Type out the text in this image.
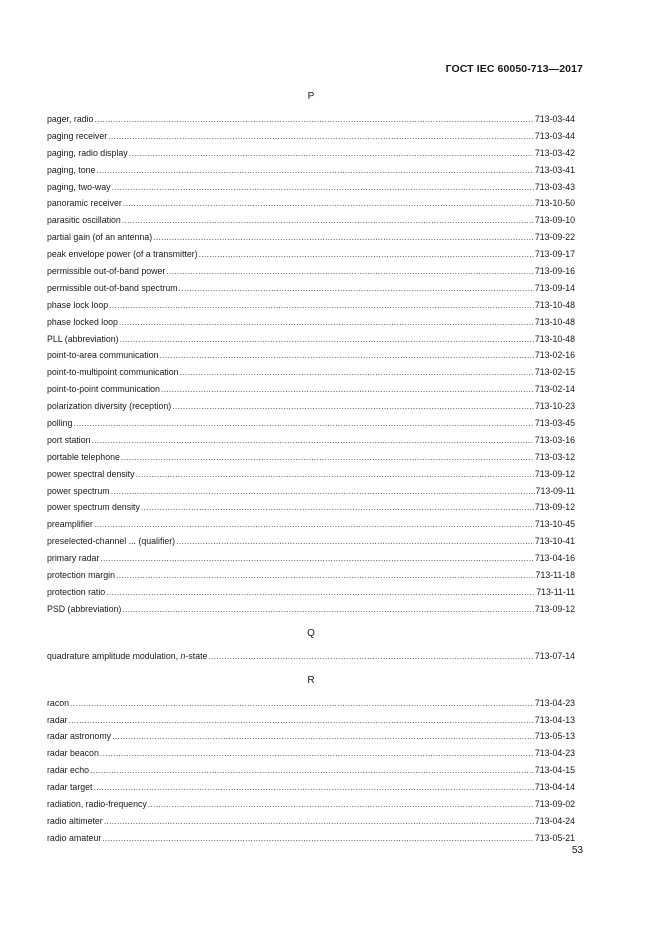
ГОСТ IEC 60050-713—2017
P
pager, radio .....	713-03-44
paging receiver .....	713-03-44
paging, radio display .....	713-03-42
paging, tone .....	713-03-41
paging, two-way .....	713-03-43
panoramic receiver .....	713-10-50
parasitic oscillation .....	713-09-10
partial gain (of an antenna) .....	713-09-22
peak envelope power (of a transmitter) .....	713-09-17
permissible out-of-band power .....	713-09-16
permissible out-of-band spectrum .....	713-09-14
phase lock loop .....	713-10-48
phase locked loop .....	713-10-48
PLL (abbreviation) .....	713-10-48
point-to-area communication .....	713-02-16
point-to-multipoint communication .....	713-02-15
point-to-point communication .....	713-02-14
polarization diversity (reception) .....	713-10-23
polling .....	713-03-45
port station .....	713-03-16
portable telephone .....	713-03-12
power spectral density .....	713-09-12
power spectrum .....	713-09-11
power spectrum density .....	713-09-12
preamplifier .....	713-10-45
preselected-channel ... (qualifier) .....	713-10-41
primary radar .....	713-04-16
protection margin .....	713-11-18
protection ratio .....	713-11-11
PSD (abbreviation) .....	713-09-12
Q
quadrature amplitude modulation, n-state .....	713-07-14
R
racon .....	713-04-23
radar .....	713-04-13
radar astronomy .....	713-05-13
radar beacon .....	713-04-23
radar echo .....	713-04-15
radar target .....	713-04-14
radiation, radio-frequency .....	713-09-02
radio altimeter .....	713-04-24
radio amateur .....	713-05-21
53
